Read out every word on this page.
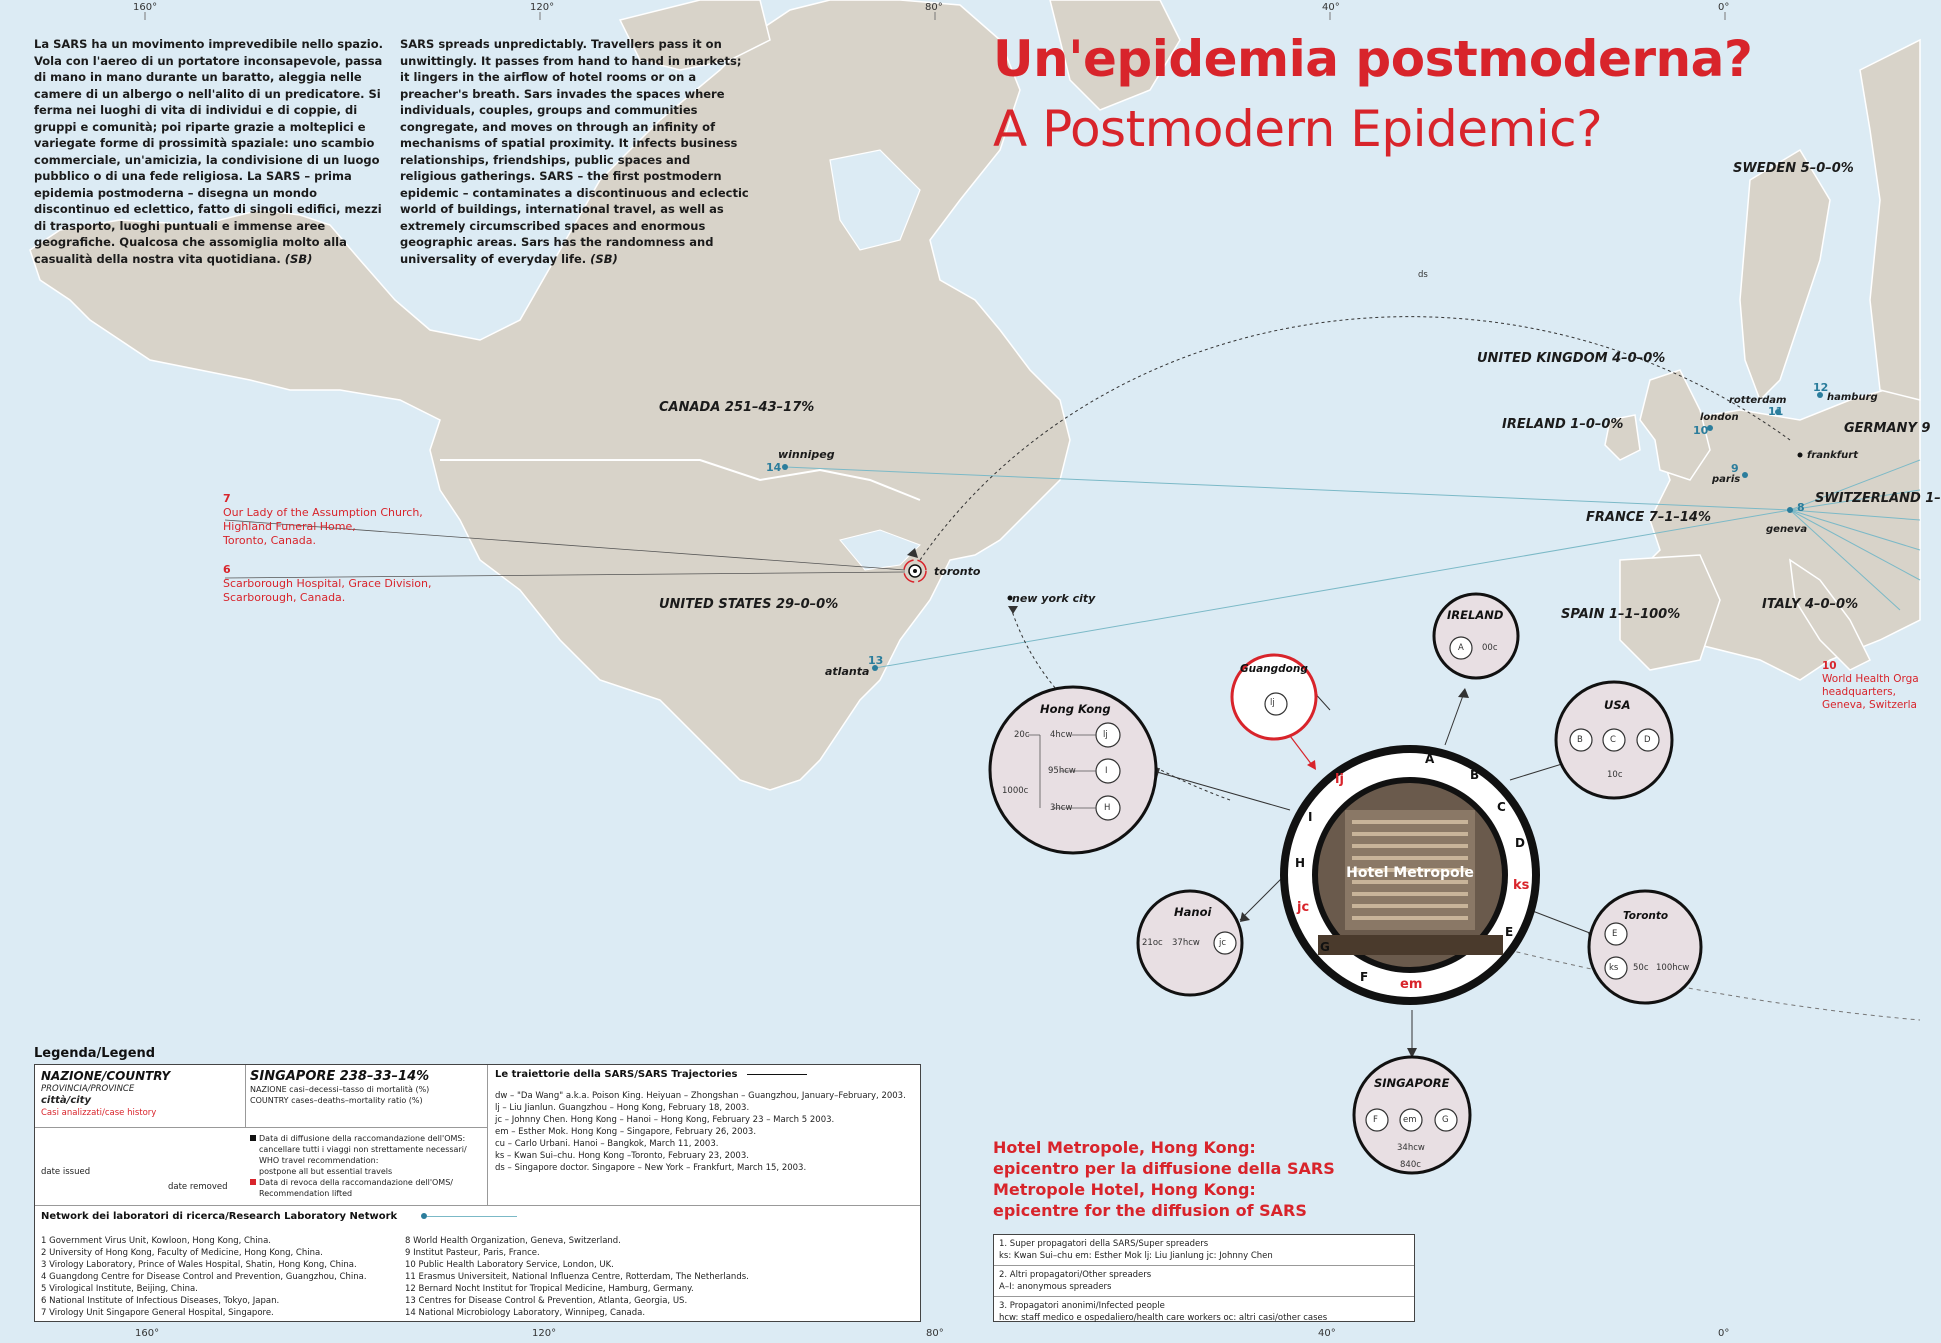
160°	120°	80°	40°	0°
160°	120°	80°	40°	0°
La SARS ha un movimento imprevedibile nello spazio. Vola con l'aereo di un portatore inconsapevole, passa di mano in mano durante un baratto, aleggia nelle camere di un albergo o nell'alito di un predicatore. Si ferma nei luoghi di vita di individui e di coppie, di gruppi e comunità; poi riparte grazie a molteplici e variegate forme di prossimità spaziale: uno scambio commerciale, un'amicizia, la condivisione di un luogo pubblico o di una fede religiosa. La SARS – prima epidemia postmoderna – disegna un mondo discontinuo ed eclettico, fatto di singoli edifici, mezzi di trasporto, luoghi puntuali e immense aree geografiche. Qualcosa che assomiglia molto alla casualità della nostra vita quotidiana. (SB)
SARS spreads unpredictably. Travellers pass it on unwittingly. It passes from hand to hand in markets; it lingers in the airflow of hotel rooms or on a preacher's breath. Sars invades the spaces where individuals, couples, groups and communities congregate, and moves on through an infinity of mechanisms of spatial proximity. It infects business relationships, friendships, public spaces and religious gatherings. SARS – the first postmodern epidemic – contaminates a discontinuous and eclectic world of buildings, international travel, as well as extremely circumscribed spaces and enormous geographic areas. Sars has the randomness and universality of everyday life. (SB)
Un'epidemia postmoderna?
A Postmodern Epidemic?
CANADA 251–43–17%
UNITED STATES 29–0–0%
SWEDEN 5–0–0%
UNITED KINGDOM 4–0–0%
IRELAND 1–0–0%	GERMANY 9
SWITZERLAND 1–
FRANCE 7–1–14%
SPAIN 1–1–100%
ITALY 4–0–0%
winnipeg
toronto
new york city
atlanta
rotterdam	hamburg
london
frankfurt
paris
geneva
14
13
12
11
10
9
8
7
Our Lady of the Assumption Church,
Highland Funeral Home,
Toronto, Canada.
6
Scarborough Hospital, Grace Division,
Scarborough, Canada.
10
World Health Orga
headquarters,
Geneva, Switzerla
ds
Hotel Metropole
A
B
C
D
E
F
G
H
I
lj
ks
em
jc
Guangdong
lj
Hong Kong
20c 4hcw	lj
95hcw	I
1000c
3hcw	H
IRELAND
A 00c
USA
B	C	D
10c
Hanoi
21oc 37hcw jc
Toronto
E
ks 50c 100hcw
SINGAPORE
F	em	G
34hcw
840c
Hotel Metropole, Hong Kong:
epicentro per la diffusione della SARS
Metropole Hotel, Hong Kong:
epicentre for the diffusion of SARS
1. Super propagatori della SARS/Super spreaders
ks: Kwan Sui–chu em: Esther Mok lj: Liu Jianlung jc: Johnny Chen
2. Altri propagatori/Other spreaders
A–I: anonymous spreaders
3. Propagatori anonimi/Infected people
hcw: staff medico e ospedaliero/health care workers oc: altri casi/other cases
Legenda/Legend
NAZIONE/COUNTRY
PROVINCIA/PROVINCE
città/city
Casi analizzati/case history
SINGAPORE 238–33–14%
NAZIONE casi–decessi–tasso di mortalità (%)
COUNTRY cases–deaths–mortality ratio (%)
date issued
date removed
Data di diffusione della raccomandazione dell'OMS:
cancellare tutti i viaggi non strettamente necessari/
WHO travel recommendation:
postpone all but essential travels
Data di revoca della raccomandazione dell'OMS/
Recommendation lifted
Le traiettorie della SARS/SARS Trajectories
dw – "Da Wang" a.k.a. Poison King. Heiyuan – Zhongshan – Guangzhou, January–February, 2003.
lj – Liu Jianlun. Guangzhou – Hong Kong, February 18, 2003.
jc – Johnny Chen. Hong Kong – Hanoi – Hong Kong, February 23 – March 5 2003.
em – Esther Mok. Hong Kong – Singapore, February 26, 2003.
cu – Carlo Urbani. Hanoi – Bangkok, March 11, 2003.
ks – Kwan Sui–chu. Hong Kong –Toronto, February 23, 2003.
ds – Singapore doctor. Singapore – New York – Frankfurt, March 15, 2003.
Network dei laboratori di ricerca/Research Laboratory Network
1 Government Virus Unit, Kowloon, Hong Kong, China.
2 University of Hong Kong, Faculty of Medicine, Hong Kong, China.
3 Virology Laboratory, Prince of Wales Hospital, Shatin, Hong Kong, China.
4 Guangdong Centre for Disease Control and Prevention, Guangzhou, China.
5 Virological Institute, Beijing, China.
6 National Institute of Infectious Diseases, Tokyo, Japan.
7 Virology Unit Singapore General Hospital, Singapore.
8 World Health Organization, Geneva, Switzerland.
9 Institut Pasteur, Paris, France.
10 Public Health Laboratory Service, London, UK.
11 Erasmus Universiteit, National Influenza Centre, Rotterdam, The Netherlands.
12 Bernard Nocht Institut for Tropical Medicine, Hamburg, Germany.
13 Centres for Disease Control & Prevention, Atlanta, Georgia, US.
14 National Microbiology Laboratory, Winnipeg, Canada.
